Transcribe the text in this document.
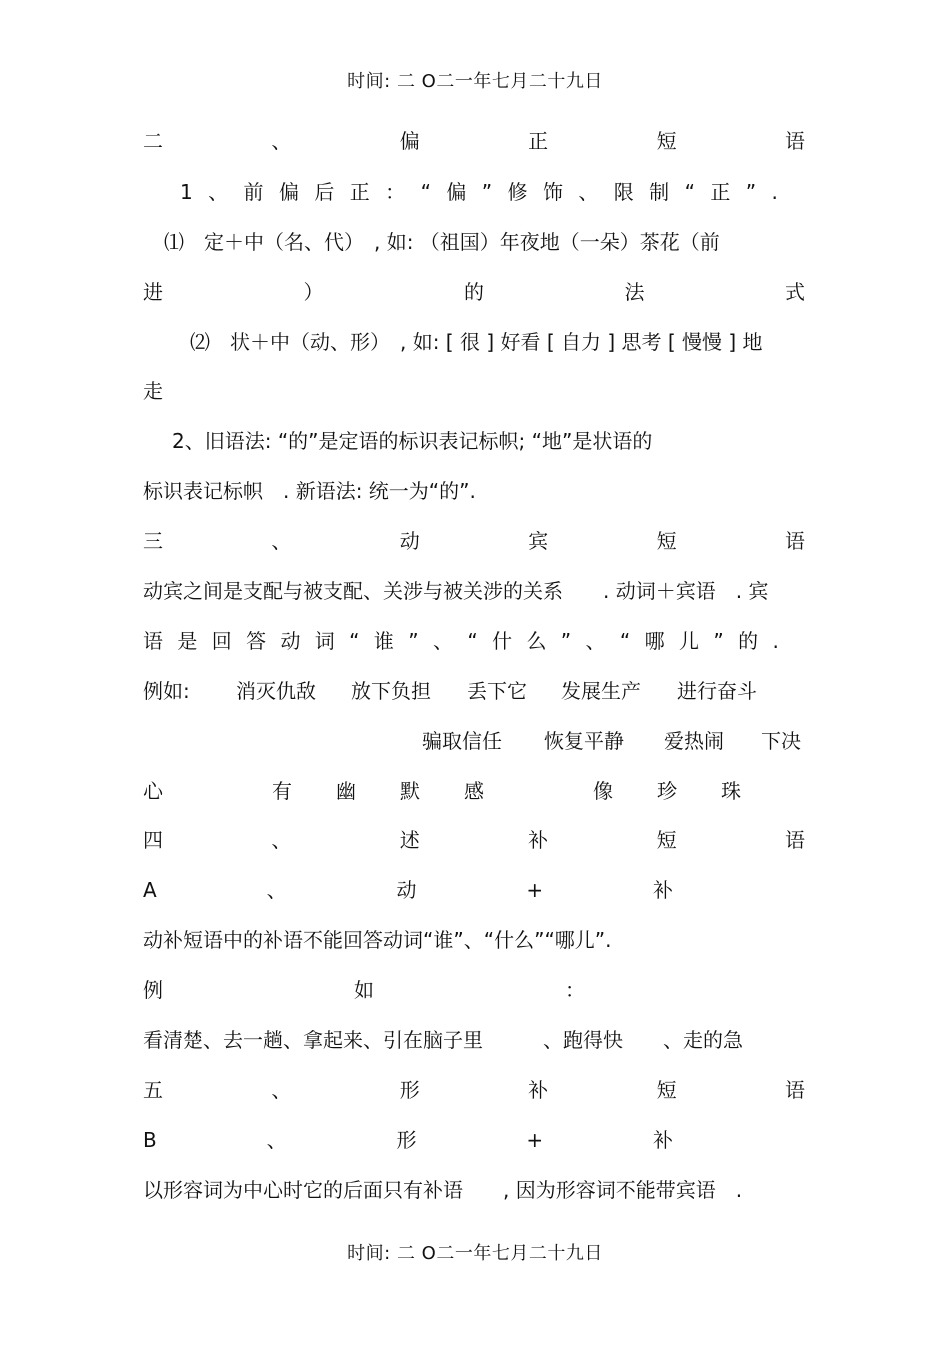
时间: 二 O二一年七月二十九日
二	、	偏	正	短	语
1 、 前 偏 后 正 ： “ 偏 ” 修 饰 、 限 制 “ 正 ” .
⑴　定＋中（名、代）　, 如: （祖国）年夜地（一朵）茶花（前
进	）	的	法	式
⑵　状＋中（动、形）　, 如: [ 很 ] 好看 [ 自力 ] 思考 [ 慢慢 ] 地
走
2、旧语法: “的”是定语的标识表记标帜; “地”是状语的
标识表记标帜　. 新语法: 统一为“的”.
三	、	动	宾	短	语
动宾之间是支配与被支配、关涉与被关涉的关系　　. 动词＋宾语　. 宾
语 是 回 答 动 词 “ 谁 ” 、 “ 什 么 ” 、 “ 哪 儿 ” 的 .
例如: 消灭仇敌 放下负担 丢下它 发展生产 进行奋斗
骗取信任 恢复平静 爱热闹 下决
心	有 幽 默 感	像 珍 珠
四	、	述	补	短	语
A	、	动	+	补
动补短语中的补语不能回答动词“谁”、“什么”“哪儿”.
例	如	：
看清楚、去一趟、拿起来、引在脑子里　　　、跑得快　　、走的急
五	、	形	补	短	语
B	、	形	+	补
以形容词为中心时它的后面只有补语　　, 因为形容词不能带宾语　.
时间: 二 O二一年七月二十九日
